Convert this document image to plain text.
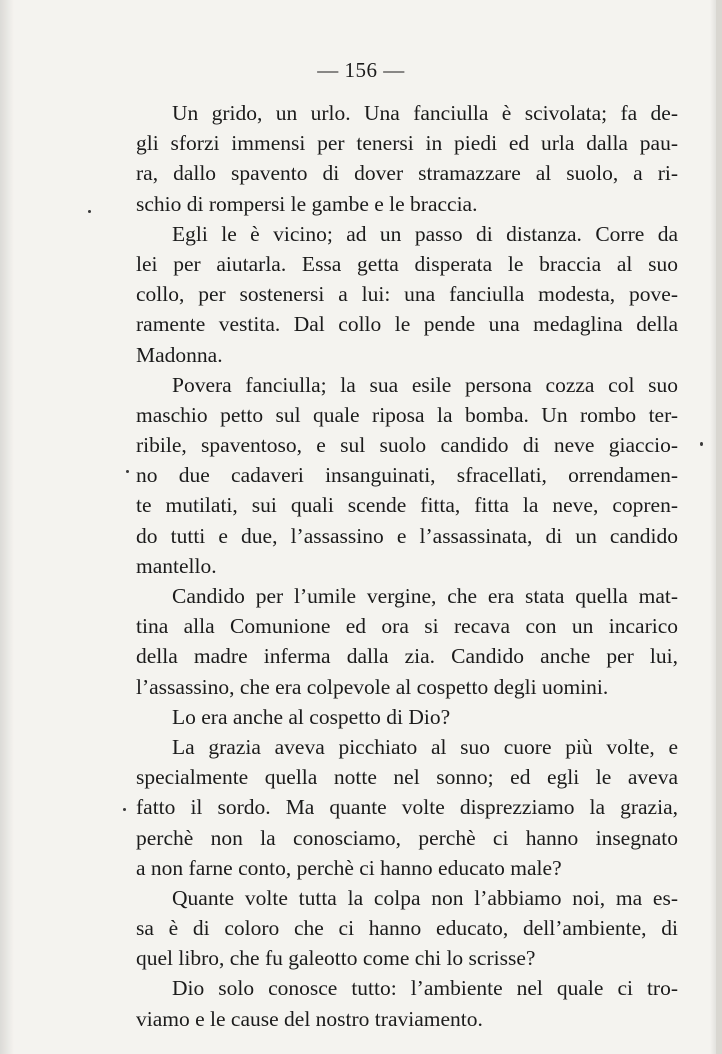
— 156 —
Un grido, un urlo. Una fanciulla è scivolata; fa de-
gli sforzi immensi per tenersi in piedi ed urla dalla pau-
ra, dallo spavento di dover stramazzare al suolo, a ri-
schio di rompersi le gambe e le braccia.
Egli le è vicino; ad un passo di distanza. Corre da
lei per aiutarla. Essa getta disperata le braccia al suo
collo, per sostenersi a lui: una fanciulla modesta, pove-
ramente vestita. Dal collo le pende una medaglina della
Madonna.
Povera fanciulla; la sua esile persona cozza col suo
maschio petto sul quale riposa la bomba. Un rombo ter-
ribile, spaventoso, e sul suolo candido di neve giaccio-
no due cadaveri insanguinati, sfracellati, orrendamen-
te mutilati, sui quali scende fitta, fitta la neve, copren-
do tutti e due, l’assassino e l’assassinata, di un candido
mantello.
Candido per l’umile vergine, che era stata quella mat-
tina alla Comunione ed ora si recava con un incarico
della madre inferma dalla zia. Candido anche per lui,
l’assassino, che era colpevole al cospetto degli uomini.
Lo era anche al cospetto di Dio?
La grazia aveva picchiato al suo cuore più volte, e
specialmente quella notte nel sonno; ed egli le aveva
fatto il sordo. Ma quante volte disprezziamo la grazia,
perchè non la conosciamo, perchè ci hanno insegnato
a non farne conto, perchè ci hanno educato male?
Quante volte tutta la colpa non l’abbiamo noi, ma es-
sa è di coloro che ci hanno educato, dell’ambiente, di
quel libro, che fu galeotto come chi lo scrisse?
Dio solo conosce tutto: l’ambiente nel quale ci tro-
viamo e le cause del nostro traviamento.
